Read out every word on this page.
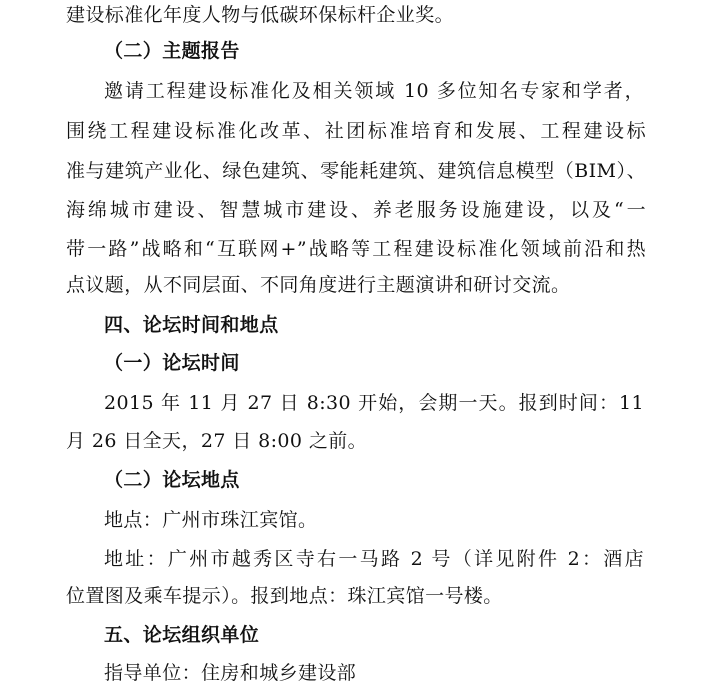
建设标准化年度人物与低碳环保标杆企业奖。
（二）主题报告
邀请工程建设标准化及相关领域 10 多位知名专家和学者，
围绕工程建设标准化改革、社团标准培育和发展、工程建设标
准与建筑产业化、绿色建筑、零能耗建筑、建筑信息模型（BIM）、
海绵城市建设、智慧城市建设、养老服务设施建设，以及“一
带一路”战略和“互联网+”战略等工程建设标准化领域前沿和热
点议题，从不同层面、不同角度进行主题演讲和研讨交流。
四、论坛时间和地点
（一）论坛时间
2015 年 11 月 27 日 8:30 开始，会期一天。报到时间：11
月 26 日全天，27 日 8:00 之前。
（二）论坛地点
地点：广州市珠江宾馆。
地址：广州市越秀区寺右一马路 2 号（详见附件 2：酒店
位置图及乘车提示）。报到地点：珠江宾馆一号楼。
五、论坛组织单位
指导单位：住房和城乡建设部
